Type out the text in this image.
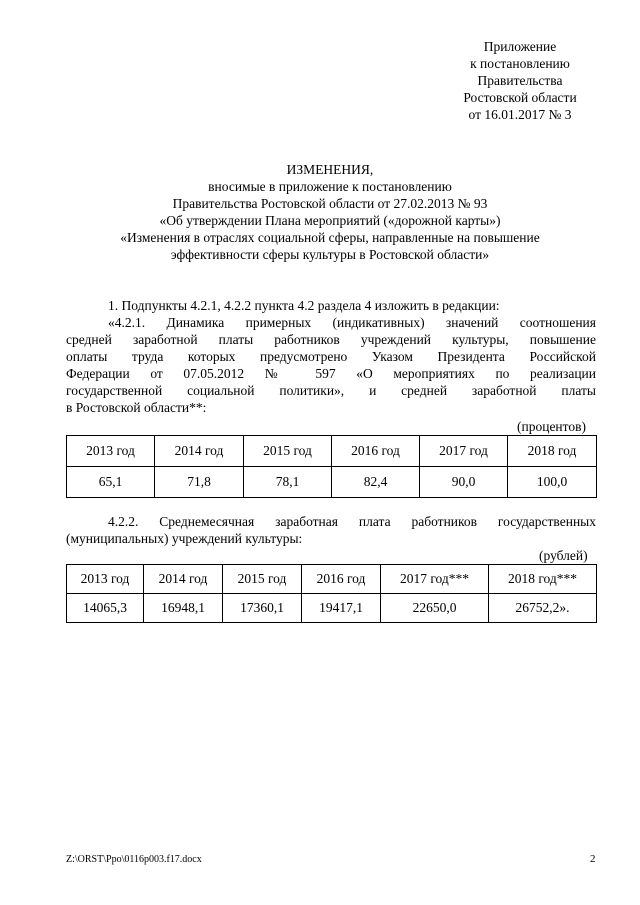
Приложение
к постановлению
Правительства
Ростовской области
от 16.01.2017 № 3
ИЗМЕНЕНИЯ,
вносимые в приложение к постановлению
Правительства Ростовской области от 27.02.2013 № 93
«Об утверждении Плана мероприятий («дорожной карты»)
«Изменения в отраслях социальной сферы, направленные на повышение
эффективности сферы культуры в Ростовской области»
1. Подпункты 4.2.1, 4.2.2 пункта 4.2 раздела 4 изложить в редакции:
«4.2.1. Динамика примерных (индикативных) значений соотношения
средней заработной платы работников учреждений культуры, повышение
оплаты труда которых предусмотрено Указом Президента Российской
Федерации от 07.05.2012 № 597 «О мероприятиях по реализации
государственной социальной политики», и средней заработной платы
в Ростовской области**:
(процентов)
2013 год	2014 год	2015 год	2016 год	2017 год	2018 год
65,1	71,8	78,1	82,4	90,0	100,0
4.2.2. Среднемесячная заработная плата работников государственных
(муниципальных) учреждений культуры:
(рублей)
2013 год	2014 год	2015 год	2016 год	2017 год***	2018 год***
14065,3	16948,1	17360,1	19417,1	22650,0	26752,2».
Z:\ORST\Ppo\0116p003.f17.docx	2
